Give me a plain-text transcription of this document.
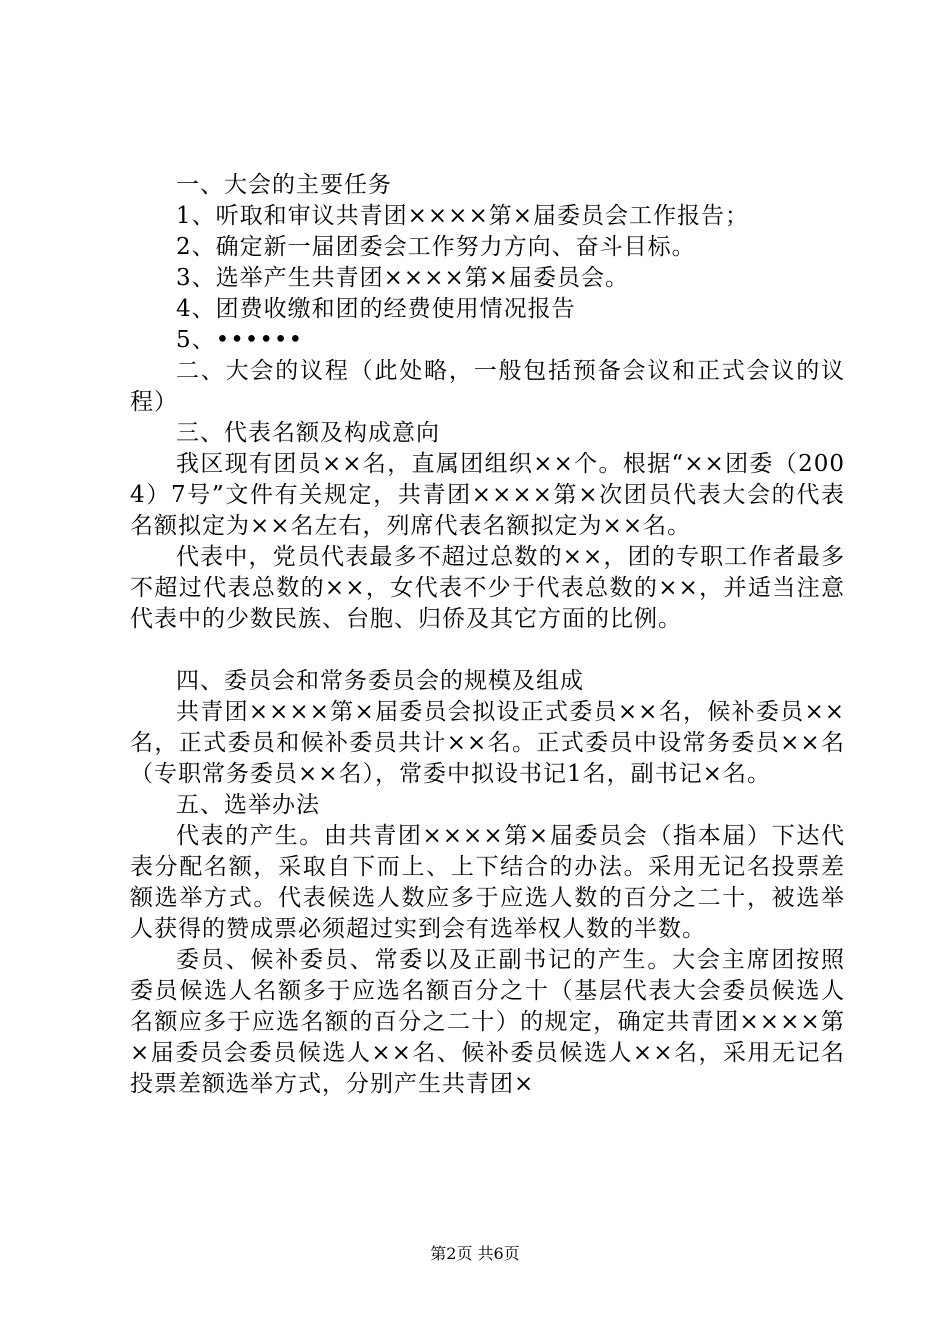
一、大会的主要任务

1、听取和审议共青团××××第×届委员会工作报告；

2、确定新一届团委会工作努力方向、奋斗目标。

3、选举产生共青团××××第×届委员会。

4、团费收缴和团的经费使用情况报告

5、••••••

二、大会的议程（此处略，一般包括预备会议和正式会议的议程）

三、代表名额及构成意向

我区现有团员××名，直属团组织××个。根据“××团委（2004）7号”文件有关规定，共青团××××第×次团员代表大会的代表名额拟定为××名左右，列席代表名额拟定为××名。

代表中，党员代表最多不超过总数的××，团的专职工作者最多不超过代表总数的××，女代表不少于代表总数的××，并适当注意代表中的少数民族、台胞、归侨及其它方面的比例。

四、委员会和常务委员会的规模及组成

共青团××××第×届委员会拟设正式委员××名，候补委员××名，正式委员和候补委员共计××名。正式委员中设常务委员××名（专职常务委员××名），常委中拟设书记1名，副书记×名。

五、选举办法

代表的产生。由共青团××××第×届委员会（指本届）下达代表分配名额，采取自下而上、上下结合的办法。采用无记名投票差额选举方式。代表候选人数应多于应选人数的百分之二十，被选举人获得的赞成票必须超过实到会有选举权人数的半数。

委员、候补委员、常委以及正副书记的产生。大会主席团按照委员候选人名额多于应选名额百分之十（基层代表大会委员候选人名额应多于应选名额的百分之二十）的规定，确定共青团××××第×届委员会委员候选人××名、候补委员候选人××名，采用无记名投票差额选举方式，分别产生共青团×

第2页 共6页
